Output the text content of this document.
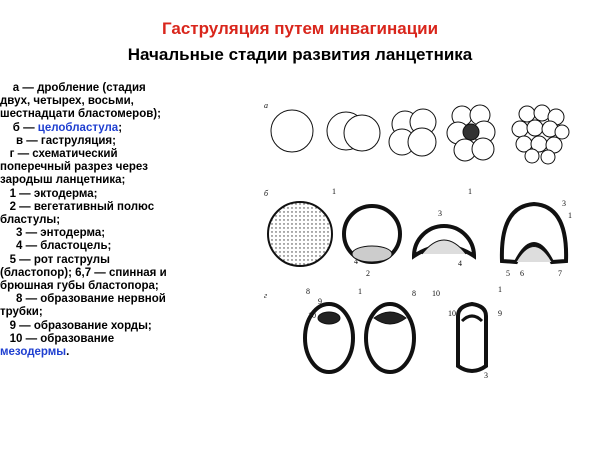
Гаструляция путем инвагинации
Начальные стадии развития ланцетника
а — дробление (стадия
двух, четырех, восьми,
шестнадцати бластомеров);
б — целобластула;
в — гаструляция;
г — схематический
поперечный разрез через
зародыш ланцетника;
1 — эктодерма;
2 — вегетативный полюс
бластулы;
3 — энтодерма;
4 — бластоцель;
5 — рот гаструлы
(бластопор); 6,7 — спинная и
брюшная губы бластопора;
8 — образование нервной
трубки;
9 — образование хорды;
10 — образование
мезодермы.
а
б	1
4
2
3
1
4
3
1
5 6	7
г	8	1
9
10
8 10	1
9
10
3
